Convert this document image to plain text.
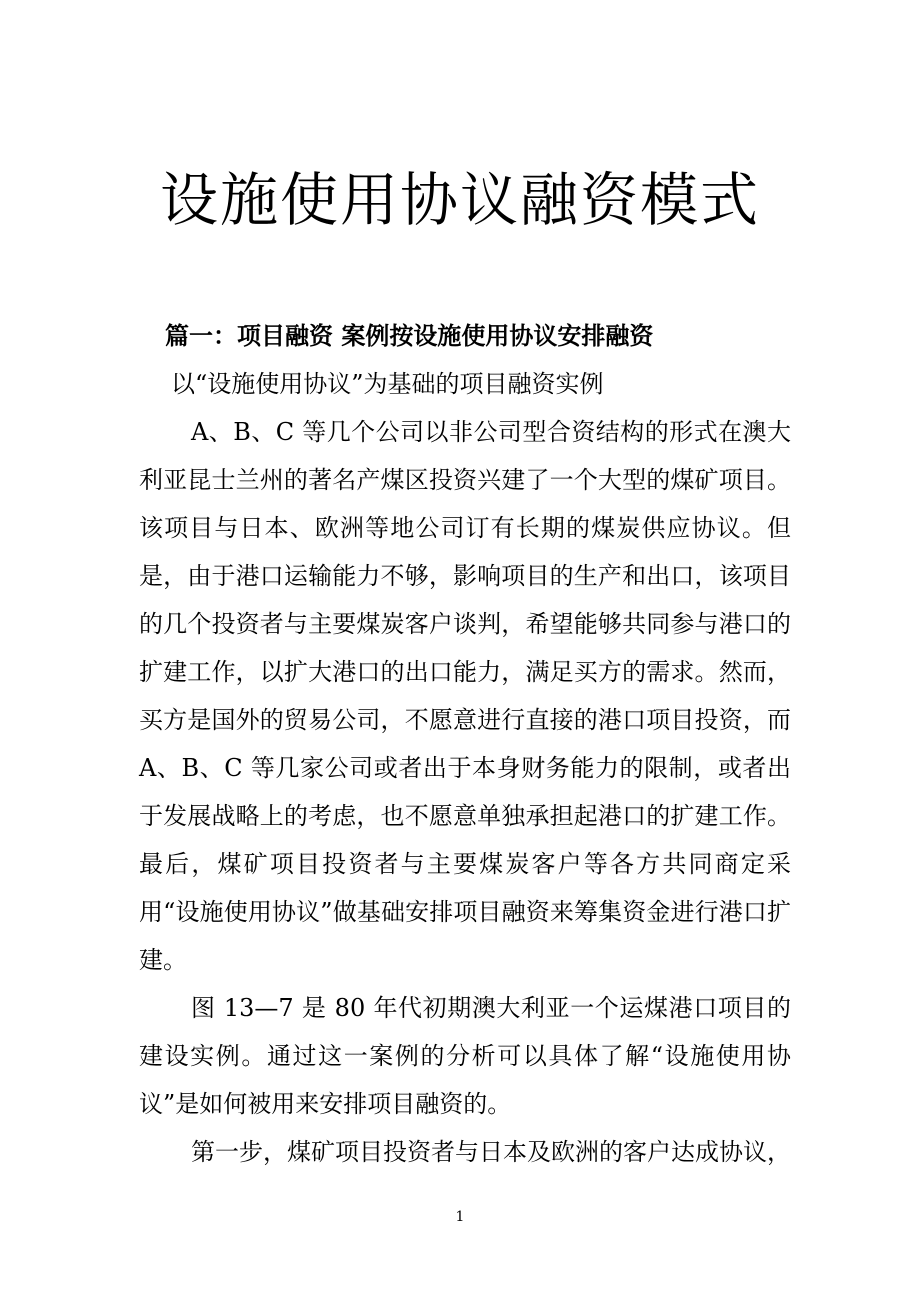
设施使用协议融资模式

篇一：项目融资 案例按设施使用协议安排融资

以“设施使用协议”为基础的项目融资实例

A、B、C 等几个公司以非公司型合资结构的形式在澳大利亚昆士兰州的著名产煤区投资兴建了一个大型的煤矿项目。该项目与日本、欧洲等地公司订有长期的煤炭供应协议。但是，由于港口运输能力不够，影响项目的生产和出口，该项目的几个投资者与主要煤炭客户谈判，希望能够共同参与港口的扩建工作，以扩大港口的出口能力，满足买方的需求。然而，买方是国外的贸易公司，不愿意进行直接的港口项目投资，而 A、B、C 等几家公司或者出于本身财务能力的限制，或者出于发展战略上的考虑，也不愿意单独承担起港口的扩建工作。最后，煤矿项目投资者与主要煤炭客户等各方共同商定采用“设施使用协议”做基础安排项目融资来筹集资金进行港口扩建。

图 13—7 是 80 年代初期澳大利亚一个运煤港口项目的建设实例。通过这一案例的分析可以具体了解“设施使用协议”是如何被用来安排项目融资的。

第一步，煤矿项目投资者与日本及欧洲的客户达成协议，

1
